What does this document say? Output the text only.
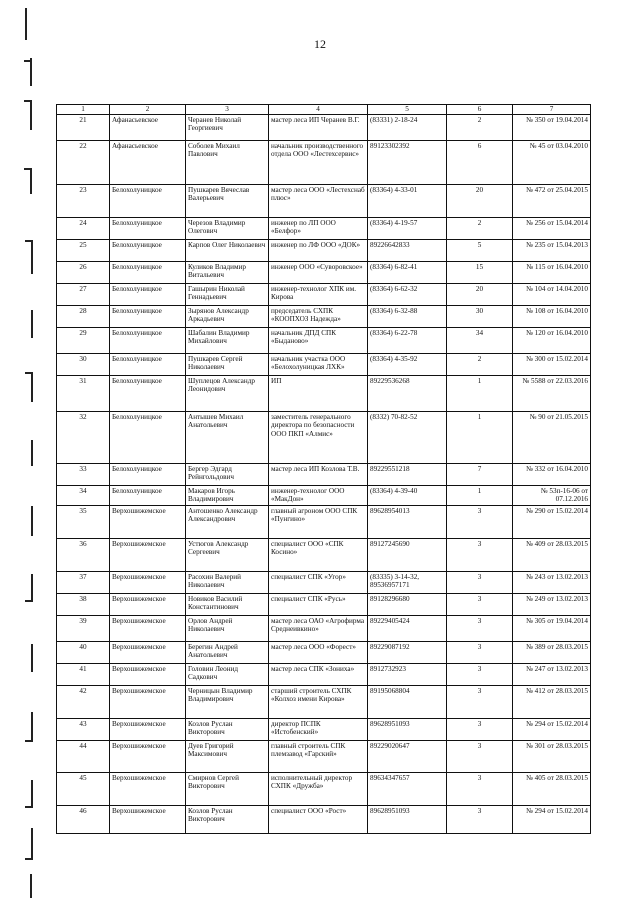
12
1	2	3	4	5	6	7
21	Афанасьевское	Черанев Николай Георгиевич	мастер леса ИП Черанев В.Г.	(83331) 2-18-24	2	№ 350 от 19.04.2014
22	Афанасьевское	Соболев Михаил Павлович	начальник производственного отдела ООО «Лестехсервис»	89123302392	6	№ 45 от 03.04.2010
23	Белохолуницкое	Пушкарев Вячеслав Валерьевич	мастер леса ООО «Лестехснаб плюс»	(83364) 4-33-01	20	№ 472 от 25.04.2015
24	Белохолуницкое	Черезов Владимир Олегович	инженер по ЛП ООО «Белфор»	(83364) 4-19-57	2	№ 256 от 15.04.2014
25	Белохолуницкое	Карпов Олег Николаевич	инженер по ЛФ ООО «ДОК»	89226642833	5	№ 235 от 15.04.2013
26	Белохолуницкое	Куликов Владимир Витальевич	инженер ООО «Суворовское»	(83364) 6-82-41	15	№ 115 от 16.04.2010
27	Белохолуницкое	Гашырин Николай Геннадьевич	инженер-технолог ХПК им. Кирова	(83364) 6-62-32	20	№ 104 от 14.04.2010
28	Белохолуницкое	Зырянов Александр Аркадьевич	председатель СХПК «КООПХОЗ Надежда»	(83364) 6-32-88	30	№ 108 от 16.04.2010
29	Белохолуницкое	Шабалин Владимир Михайлович	начальник ДПД СПК «Быданово»	(83364) 6-22-78	34	№ 120 от 16.04.2010
30	Белохолуницкое	Пушкарев Сергей Николаевич	начальник участка ООО «Белохолуницкая ЛХК»	(83364) 4-35-92	2	№ 300 от 15.02.2014
31	Белохолуницкое	Шуплецов Александр Леонидович	ИП	89229536268	1	№ 5588 от 22.03.2016
32	Белохолуницкое	Антышев Михаил Анатольевич	заместитель генерального директора по безопасности ООО ПКП «Алмис»	(8332) 70-82-52	1	№ 90 от 21.05.2015
33	Белохолуницкое	Бергер Эдгард Рейнгольдович	мастер леса ИП Козлова Т.В.	89229551218	7	№ 332 от 16.04.2010
34	Белохолуницкое	Макаров Игорь Владимирович	инженер-технолог ООО «МакДон»	(83364) 4-39-40	1	№ 53п-16-06 от 07.12.2016
35	Верхошижемское	Антошенко Александр Александрович	главный агроном ООО СПК «Пунгино»	89628954013	3	№ 290 от 15.02.2014
36	Верхошижемское	Устюгов Александр Сергеевич	специалист ООО «СПК Косино»	89127245690	3	№ 409 от 28.03.2015
37	Верхошижемское	Расохин Валерий Николаевич	специалист СПК «Угор»	(83335) 3-14-32, 89536957171	3	№ 243 от 13.02.2013
38	Верхошижемское	Новиков Василий Константинович	специалист СПК «Русь»	89128296680	3	№ 249 от 13.02.2013
39	Верхошижемское	Орлов Андрей Николаевич	мастер леса ОАО «Агрофирма Среднеивкино»	89229405424	3	№ 305 от 19.04.2014
40	Верхошижемское	Берегин Андрей Анатольевич	мастер леса ООО «Форест»	89229087192	3	№ 389 от 28.03.2015
41	Верхошижемское	Головин Леонид Садкович	мастер леса СПК «Зониха»	8912732923	3	№ 247 от 13.02.2013
42	Верхошижемское	Черницын Владимир Владимирович	старший строитель СХПК «Колхоз имени Кирова»	89195068804	3	№ 412 от 28.03.2015
43	Верхошижемское	Козлов Руслан Викторович	директор ПСПК «Истобенский»	89628951093	3	№ 294 от 15.02.2014
44	Верхошижемское	Дуев Григорий Максимович	главный строитель СПК племзавод «Гарский»	89229020647	3	№ 301 от 28.03.2015
45	Верхошижемское	Смирнов Сергей Викторович	исполнительный директор СХПК «Дружба»	89634347657	3	№ 405 от 28.03.2015
46	Верхошижемское	Козлов Руслан Викторович	специалист ООО «Рост»	89628951093	3	№ 294 от 15.02.2014
